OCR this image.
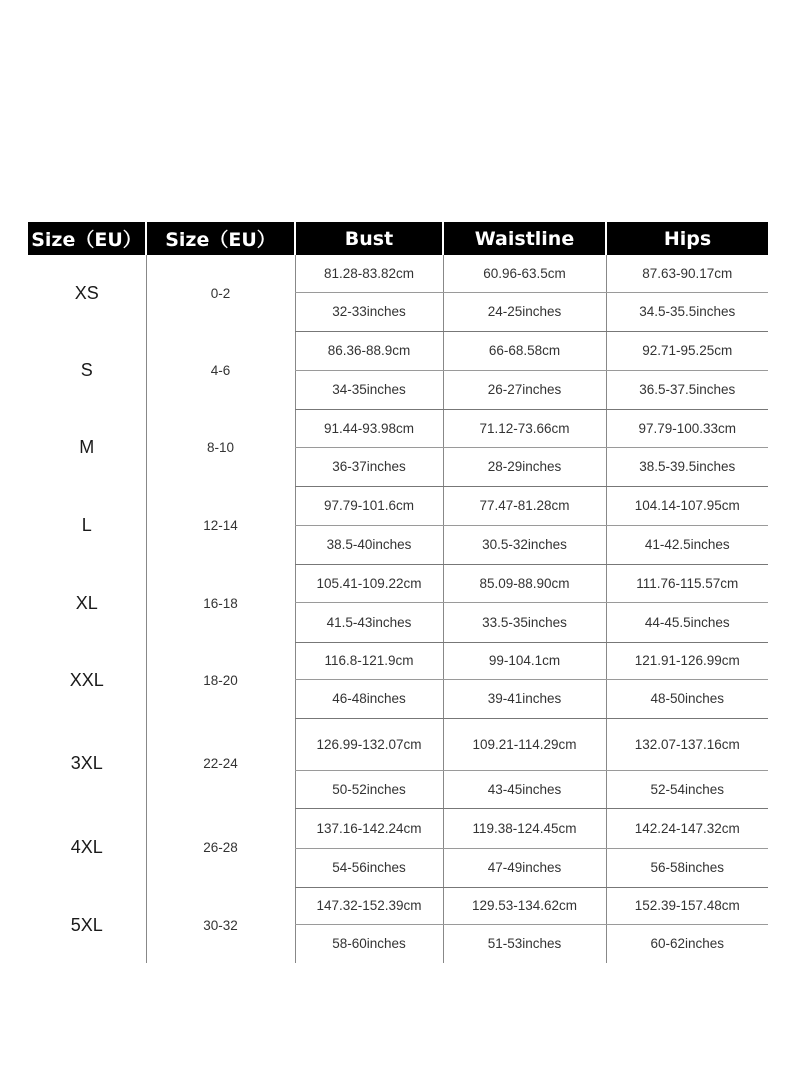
Size（EU）	Size（EU）	Bust	Waistline	Hips
XS	0-2	81.28-83.82cm	60.96-63.5cm	87.63-90.17cm
		32-33inches	24-25inches	34.5-35.5inches
S	4-6	86.36-88.9cm	66-68.58cm	92.71-95.25cm
		34-35inches	26-27inches	36.5-37.5inches
M	8-10	91.44-93.98cm	71.12-73.66cm	97.79-100.33cm
		36-37inches	28-29inches	38.5-39.5inches
L	12-14	97.79-101.6cm	77.47-81.28cm	104.14-107.95cm
		38.5-40inches	30.5-32inches	41-42.5inches
XL	16-18	105.41-109.22cm	85.09-88.90cm	111.76-115.57cm
		41.5-43inches	33.5-35inches	44-45.5inches
XXL	18-20	116.8-121.9cm	99-104.1cm	121.91-126.99cm
		46-48inches	39-41inches	48-50inches
3XL	22-24	126.99-132.07cm	109.21-114.29cm	132.07-137.16cm
		50-52inches	43-45inches	52-54inches
4XL	26-28	137.16-142.24cm	119.38-124.45cm	142.24-147.32cm
		54-56inches	47-49inches	56-58inches
5XL	30-32	147.32-152.39cm	129.53-134.62cm	152.39-157.48cm
		58-60inches	51-53inches	60-62inches
